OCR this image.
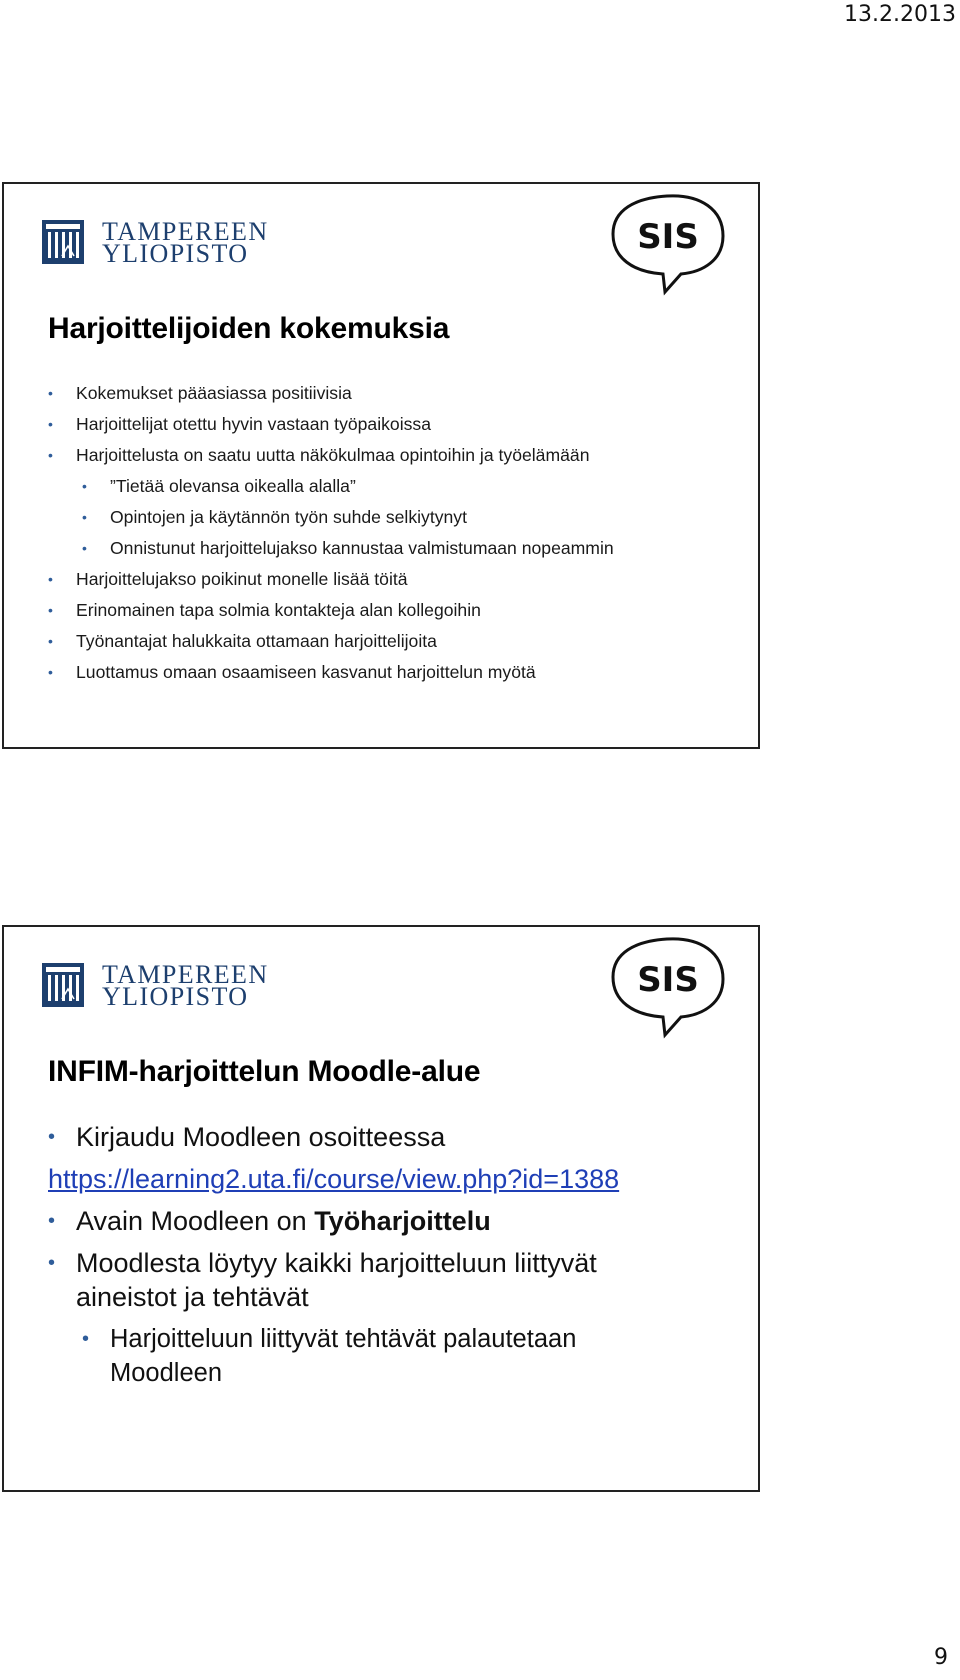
13.2.2013
TAMPEREEN
YLIOPISTO	SIS
Harjoittelijoiden kokemuksia
• Kokemukset pääasiassa positiivisia
• Harjoittelijat otettu hyvin vastaan työpaikoissa
• Harjoittelusta on saatu uutta näkökulmaa opintoihin ja työelämään
• ”Tietää olevansa oikealla alalla”
• Opintojen ja käytännön työn suhde selkiytynyt
• Onnistunut harjoittelujakso kannustaa valmistumaan nopeammin
• Harjoittelujakso poikinut monelle lisää töitä
• Erinomainen tapa solmia kontakteja alan kollegoihin
• Työnantajat halukkaita ottamaan harjoittelijoita
• Luottamus omaan osaamiseen kasvanut harjoittelun myötä
TAMPEREEN
YLIOPISTO	SIS
INFIM-harjoittelun Moodle-alue
• Kirjaudu Moodleen osoitteessa
https://learning2.uta.fi/course/view.php?id=1388
• Avain Moodleen on Työharjoittelu
• Moodlesta löytyy kaikki harjoitteluun liittyvät
aineistot ja tehtävät
• Harjoitteluun liittyvät tehtävät palautetaan
Moodleen
9
